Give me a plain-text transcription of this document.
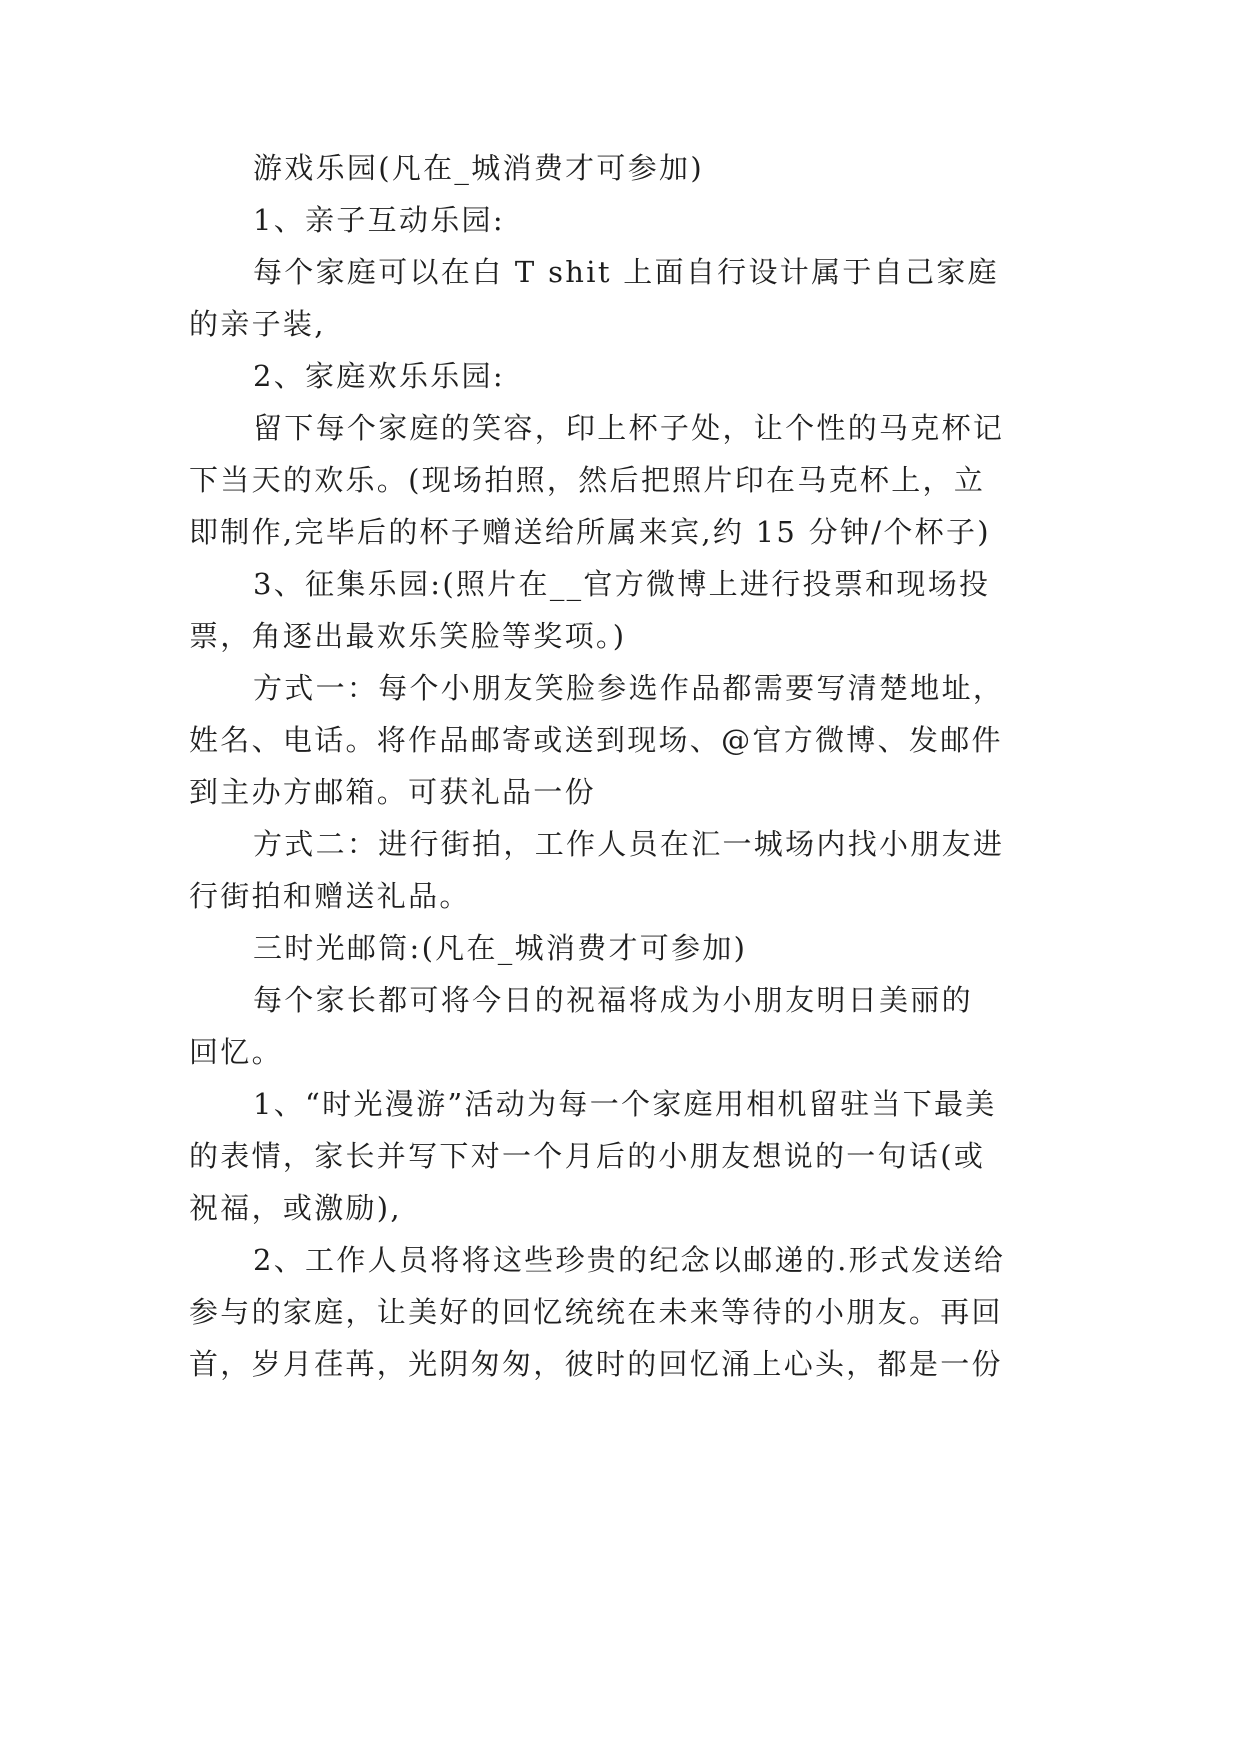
游戏乐园(凡在_城消费才可参加)
1、亲子互动乐园:
每个家庭可以在白 T shit 上面自行设计属于自己家庭
的亲子装,
2、家庭欢乐乐园:
留下每个家庭的笑容，印上杯子处，让个性的马克杯记
下当天的欢乐。(现场拍照，然后把照片印在马克杯上，立
即制作,完毕后的杯子赠送给所属来宾,约 15 分钟/个杯子)
3、征集乐园:(照片在__官方微博上进行投票和现场投
票，角逐出最欢乐笑脸等奖项。)
方式一：每个小朋友笑脸参选作品都需要写清楚地址，
姓名、电话。将作品邮寄或送到现场、@官方微博、发邮件
到主办方邮箱。可获礼品一份
方式二：进行街拍，工作人员在汇一城场内找小朋友进
行街拍和赠送礼品。
三时光邮筒:(凡在_城消费才可参加)
每个家长都可将今日的祝福将成为小朋友明日美丽的
回忆。
1、“时光漫游”活动为每一个家庭用相机留驻当下最美
的表情，家长并写下对一个月后的小朋友想说的一句话(或
祝福，或激励),
2、工作人员将将这些珍贵的纪念以邮递的.形式发送给
参与的家庭，让美好的回忆统统在未来等待的小朋友。再回
首，岁月荏苒，光阴匆匆，彼时的回忆涌上心头，都是一份
